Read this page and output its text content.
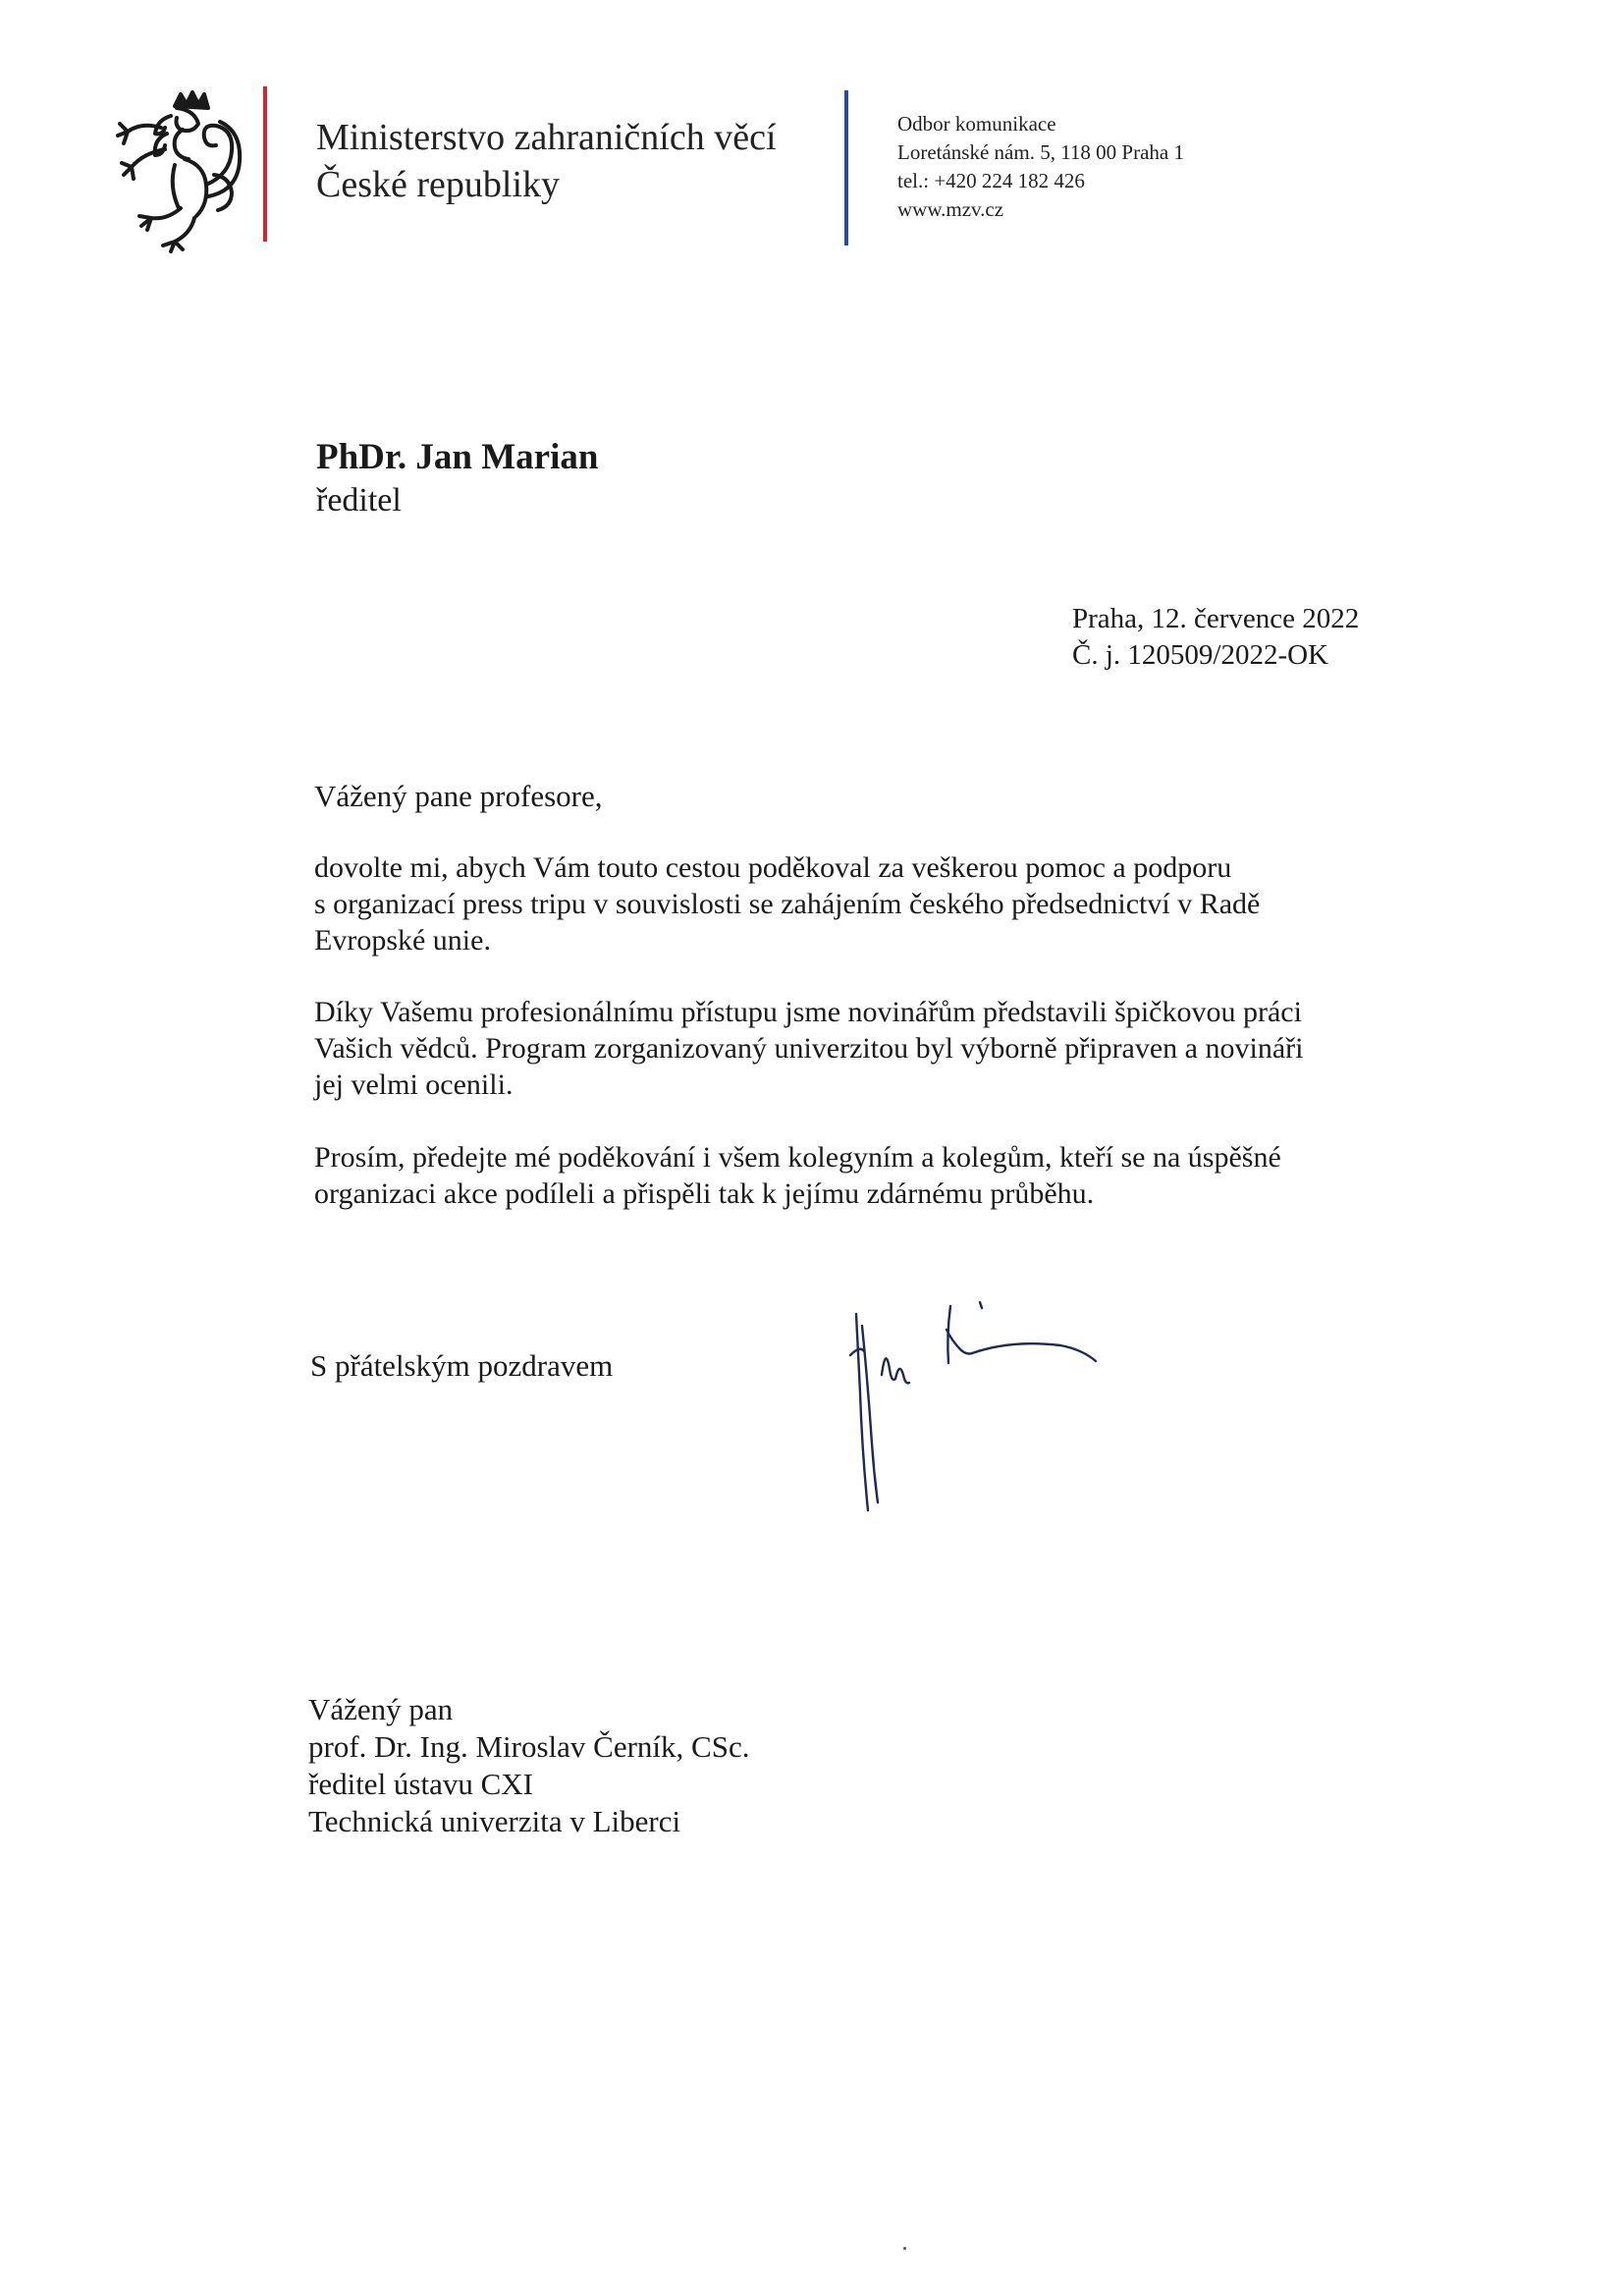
Ministerstvo zahraničních věcí
České republiky
Odbor komunikace
Loretánské nám. 5, 118 00 Praha 1
tel.: +420 224 182 426
www.mzv.cz
PhDr. Jan Marian
ředitel
Praha, 12. července 2022
Č. j. 120509/2022-OK
Vážený pane profesore,
dovolte mi, abych Vám touto cestou poděkoval za veškerou pomoc a podporu
s organizací press tripu v souvislosti se zahájením českého předsednictví v Radě
Evropské unie.
Díky Vašemu profesionálnímu přístupu jsme novinářům představili špičkovou práci
Vašich vědců. Program zorganizovaný univerzitou byl výborně připraven a novináři
jej velmi ocenili.
Prosím, předejte mé poděkování i všem kolegyním a kolegům, kteří se na úspěšné
organizaci akce podíleli a přispěli tak k jejímu zdárnému průběhu.
S přátelským pozdravem
Vážený pan
prof. Dr. Ing. Miroslav Černík, CSc.
ředitel ústavu CXI
Technická univerzita v Liberci
